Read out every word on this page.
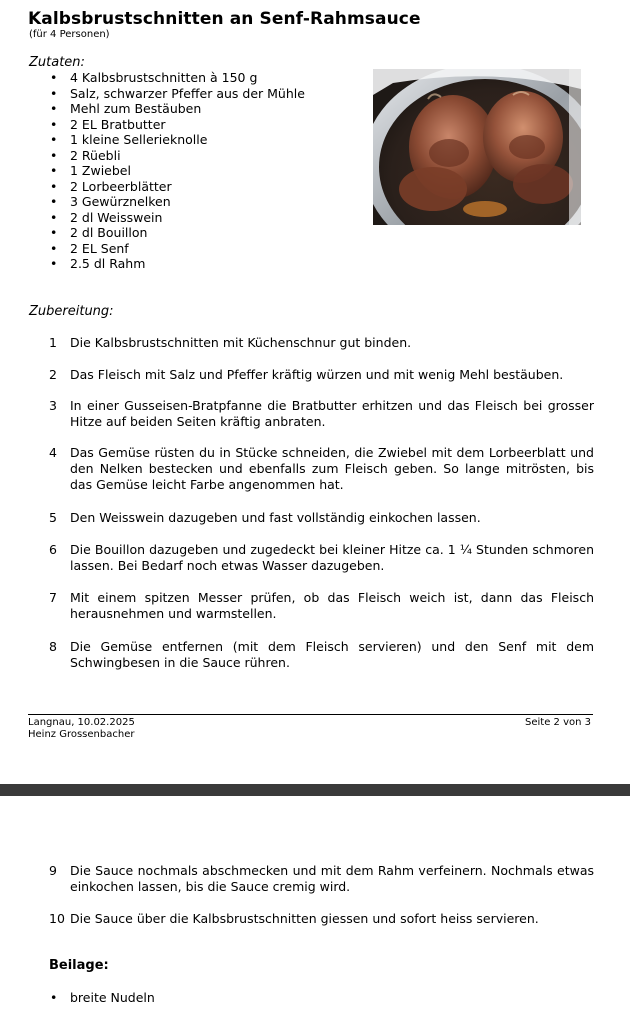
Kalbsbrustschnitten an Senf-Rahmsauce
(für 4 Personen)
Zutaten:
• 4 Kalbsbrustschnitten à 150 g
• Salz, schwarzer Pfeffer aus der Mühle
• Mehl zum Bestäuben
• 2 EL Bratbutter
• 1 kleine Sellerieknolle
• 2 Rüebli
• 1 Zwiebel
• 2 Lorbeerblätter
• 3 Gewürznelken
• 2 dl Weisswein
• 2 dl Bouillon
• 2 EL Senf
• 2.5 dl Rahm
Zubereitung:
1 Die Kalbsbrustschnitten mit Küchenschnur gut binden.
2 Das Fleisch mit Salz und Pfeffer kräftig würzen und mit wenig Mehl bestäuben.
3 In einer Gusseisen-Bratpfanne die Bratbutter erhitzen und das Fleisch bei grosser Hitze auf beiden Seiten kräftig anbraten.
4 Das Gemüse rüsten du in Stücke schneiden, die Zwiebel mit dem Lorbeerblatt und den Nelken bestecken und ebenfalls zum Fleisch geben. So lange mitrösten, bis das Gemüse leicht Farbe angenommen hat.
5 Den Weisswein dazugeben und fast vollständig einkochen lassen.
6 Die Bouillon dazugeben und zugedeckt bei kleiner Hitze ca. 1 ¼ Stunden schmoren lassen. Bei Bedarf noch etwas Wasser dazugeben.
7 Mit einem spitzen Messer prüfen, ob das Fleisch weich ist, dann das Fleisch herausnehmen und warmstellen.
8 Die Gemüse entfernen (mit dem Fleisch servieren) und den Senf mit dem Schwingbesen in die Sauce rühren.
Langnau, 10.02.2025
Heinz Grossenbacher
Seite 2 von 3
9 Die Sauce nochmals abschmecken und mit dem Rahm verfeinern. Nochmals etwas einkochen lassen, bis die Sauce cremig wird.
10 Die Sauce über die Kalbsbrustschnitten giessen und sofort heiss servieren.
Beilage:
• breite Nudeln
